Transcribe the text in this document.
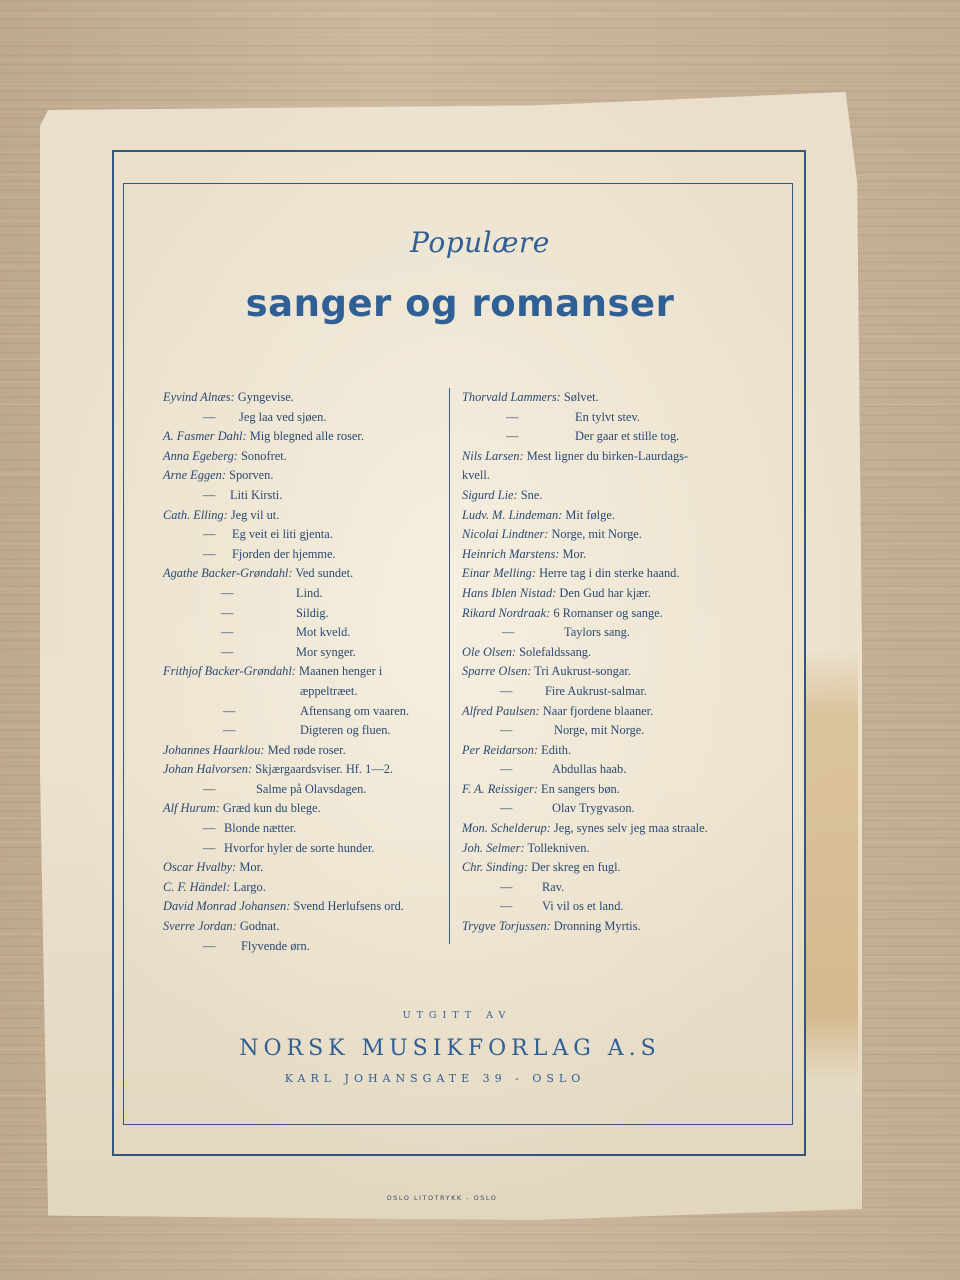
Populære
sanger og romanser
Eyvind Alnæs: Gyngevise.
— Jeg laa ved sjøen.
A. Fasmer Dahl: Mig blegned alle roser.
Anna Egeberg: Sonofret.
Arne Eggen: Sporven.
— Liti Kirsti.
Cath. Elling: Jeg vil ut.
— Eg veit ei liti gjenta.
— Fjorden der hjemme.
Agathe Backer-Grøndahl: Ved sundet.
—	Lind.
—	Sildig.
—	Mot kveld.
—	Mor synger.
Frithjof Backer-Grøndahl: Maanen henger i
æppeltræet.
—	Aftensang om vaaren.
—	Digteren og fluen.
Johannes Haarklou: Med røde roser.
Johan Halvorsen: Skjærgaardsviser. Hf. 1—2.
—	Salme på Olavsdagen.
Alf Hurum: Græd kun du blege.
— Blonde nætter.
— Hvorfor hyler de sorte hunder.
Oscar Hvalby: Mor.
C. F. Händel: Largo.
David Monrad Johansen: Svend Herlufsens ord.
Sverre Jordan: Godnat.
— Flyvende ørn.
Thorvald Lammers: Sølvet.
—	En tylvt stev.
—	Der gaar et stille tog.
Nils Larsen: Mest ligner du birken-Laurdags-
kvell.
Sigurd Lie: Sne.
Ludv. M. Lindeman: Mit følge.
Nicolai Lindtner: Norge, mit Norge.
Heinrich Marstens: Mor.
Einar Melling: Herre tag i din sterke haand.
Hans Iblen Nistad: Den Gud har kjær.
Rikard Nordraak: 6 Romanser og sange.
—	Taylors sang.
Ole Olsen: Solefaldssang.
Sparre Olsen: Tri Aukrust-songar.
—	Fire Aukrust-salmar.
Alfred Paulsen: Naar fjordene blaaner.
—	Norge, mit Norge.
Per Reidarson: Edith.
—	Abdullas haab.
F. A. Reissiger: En sangers bøn.
—	Olav Trygvason.
Mon. Schelderup: Jeg, synes selv jeg maa straale.
Joh. Selmer: Tollekniven.
Chr. Sinding: Der skreg en fugl.
— Rav.
— Vi vil os et land.
Trygve Torjussen: Dronning Myrtis.
UTGITT AV
NORSK MUSIKFORLAG A.S
KARL JOHANSGATE 39 - OSLO
OSLO LITOTRYKK - OSLO
